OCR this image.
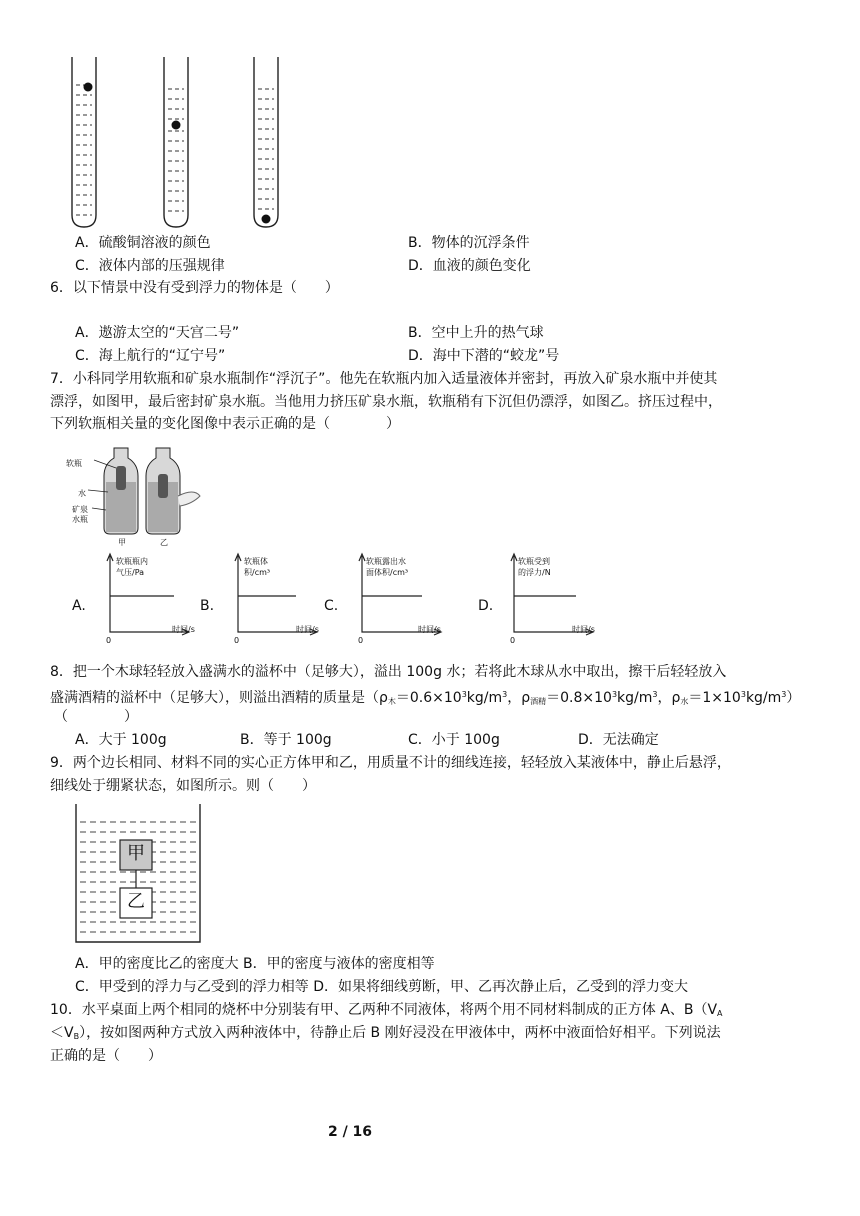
A．硫酸铜溶液的颜色	B．物体的沉浮条件
C．液体内部的压强规律	D．血液的颜色变化
6．以下情景中没有受到浮力的物体是（　　）
A．遨游太空的“天宫二号”	B．空中上升的热气球
C．海上航行的“辽宁号”	D．海中下潜的“蛟龙”号
7．小科同学用软瓶和矿泉水瓶制作“浮沉子”。他先在软瓶内加入适量液体并密封，再放入矿泉水瓶中并使其
漂浮，如图甲，最后密封矿泉水瓶。当他用力挤压矿泉水瓶，软瓶稍有下沉但仍漂浮，如图乙。挤压过程中，
下列软瓶相关量的变化图像中表示正确的是（　　　　）
软瓶
水
矿泉
水瓶
甲	乙
A.
软瓶瓶内
气压/Pa
时间/s
0
B.
软瓶体
积/cm³
时间/s
0
C.
软瓶露出水
面体积/cm³
时间/s
0
D.
软瓶受到
的浮力/N
时间/s
0
8．把一个木球轻轻放入盛满水的溢杯中（足够大），溢出 100g 水；若将此木球从水中取出，擦干后轻轻放入
盛满酒精的溢杯中（足够大），则溢出酒精的质量是（$\rho_木=0.6\times 10^3kg/m^3$，$\rho_{酒精}=0.8\times 10^3kg/m^3$，$\rho_水=1\times 10^3kg/m^3$）
（　　　　）
A．大于 100g	B．等于 100g	C．小于 100g	D．无法确定
9．两个边长相同、材料不同的实心正方体甲和乙，用质量不计的细线连接，轻轻放入某液体中，静止后悬浮，
细线处于绷紧状态，如图所示。则（　　）
甲
乙
A．甲的密度比乙的密度大 B．甲的密度与液体的密度相等
C．甲受到的浮力与乙受到的浮力相等 D．如果将细线剪断，甲、乙再次静止后，乙受到的浮力变大
10．水平桌面上两个相同的烧杯中分别装有甲、乙两种不同液体，将两个用不同材料制成的正方体 A、$B(V_A$
$<V_B$），按如图两种方式放入两种液体中，待静止后 B 刚好浸没在甲液体中，两杯中液面恰好相平。下列说法
正确的是（　　）
2 / 16
